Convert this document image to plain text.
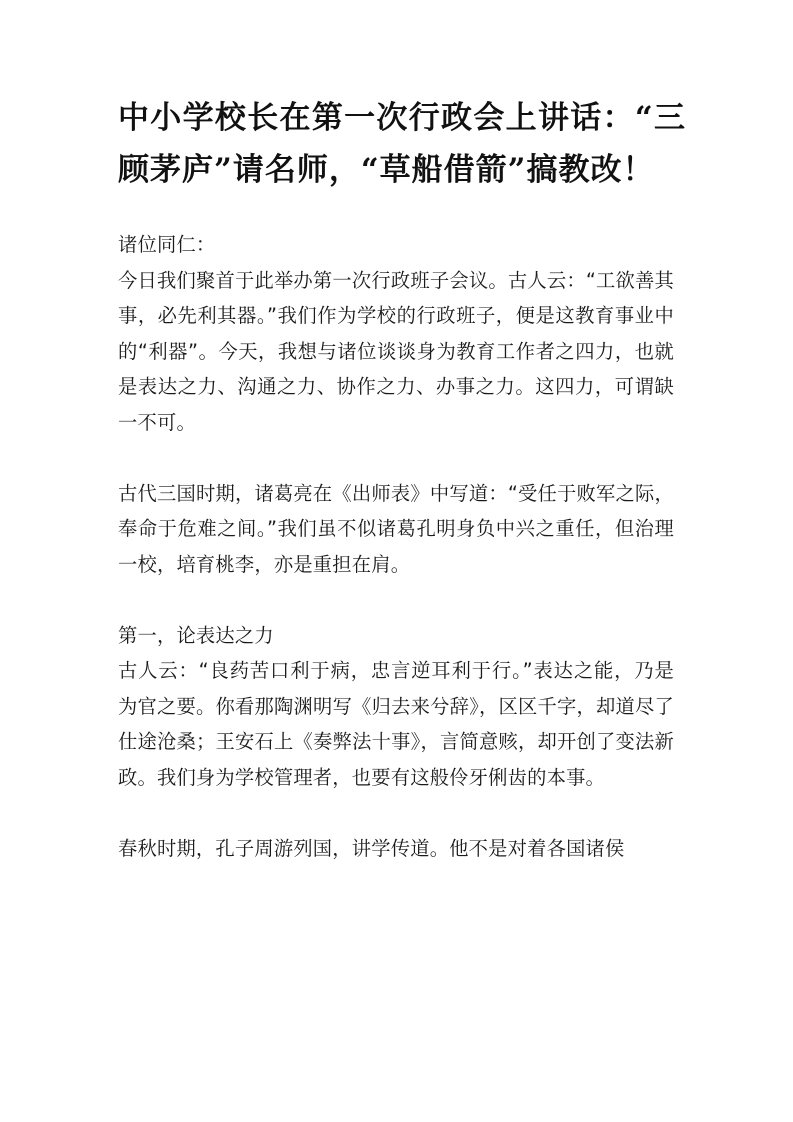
中小学校长在第一次行政会上讲话：“三顾茅庐”请名师，“草船借箭”搞教改！

诸位同仁：

今日我们聚首于此举办第一次行政班子会议。古人云：“工欲善其事，必先利其器。”我们作为学校的行政班子，便是这教育事业中的“利器”。今天，我想与诸位谈谈身为教育工作者之四力，也就是表达之力、沟通之力、协作之力、办事之力。这四力，可谓缺一不可。

古代三国时期，诸葛亮在《出师表》中写道：“受任于败军之际，奉命于危难之间。”我们虽不似诸葛孔明身负中兴之重任，但治理一校，培育桃李，亦是重担在肩。

第一，论表达之力

古人云：“良药苦口利于病，忠言逆耳利于行。”表达之能，乃是为官之要。你看那陶渊明写《归去来兮辞》，区区千字，却道尽了仕途沧桑；王安石上《奏弊法十事》，言简意赅，却开创了变法新政。我们身为学校管理者，也要有这般伶牙俐齿的本事。

春秋时期，孔子周游列国，讲学传道。他不是对着各国诸侯
